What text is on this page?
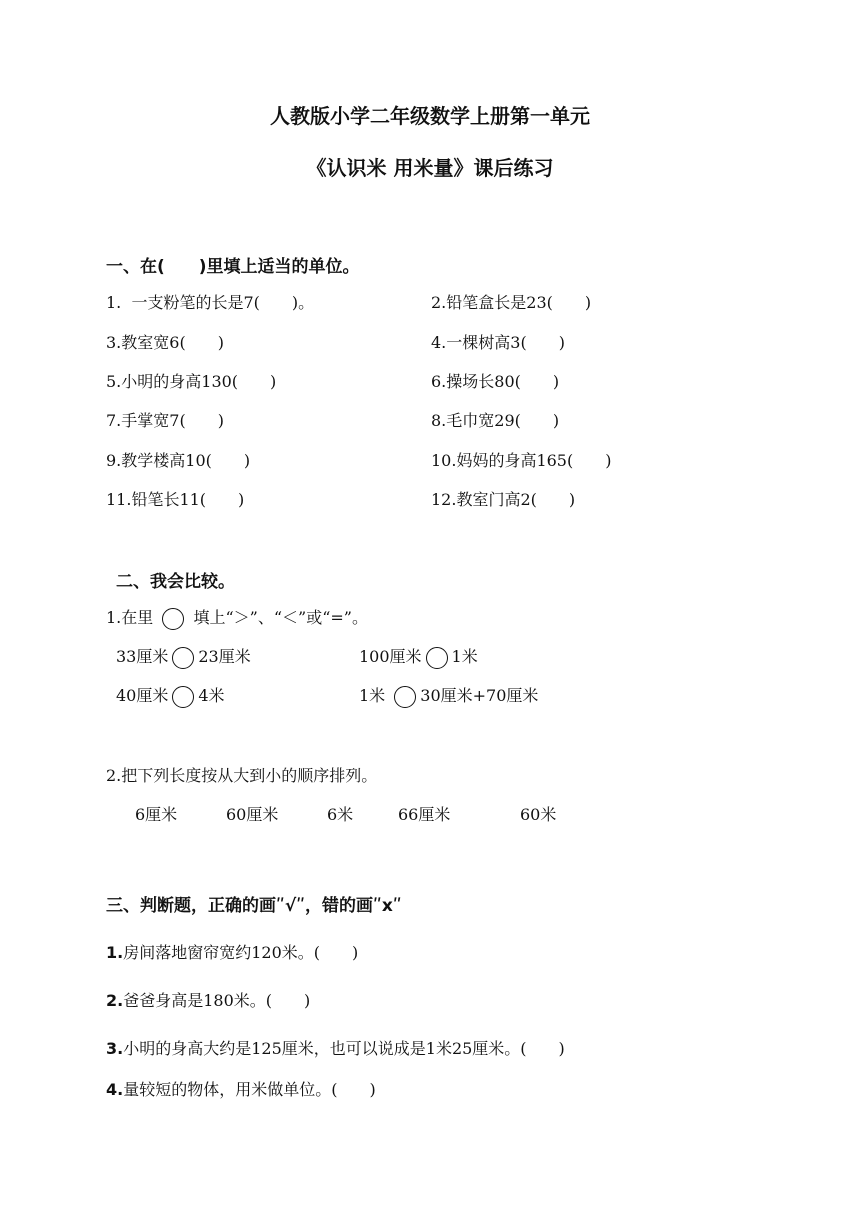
人教版小学二年级数学上册第一单元
《认识米 用米量》课后练习
一、在(　　)里填上适当的单位。
1.  一支粉笔的长是7(　　)。	2.铅笔盒长是23(　　)
3.教室宽6(　　)	4.一棵树高3(　　)
5.小明的身高130(　　)	6.操场长80(　　)
7.手掌宽7(　　)	8.毛巾宽29(　　)
9.教学楼高10(　　)	10.妈妈的身高165(　　)
11.铅笔长11(　　)	12.教室门高2(　　)
二、我会比较。
1.在里	填上“＞”、“＜”或“=”。
33厘米 23厘米	100厘米 1米
40厘米 4米	1米 30厘米+70厘米
2.把下列长度按从大到小的顺序排列。
6厘米	60厘米	6米	66厘米	60米
三、判断题，正确的画ʺ√ʺ，错的画ʺxʺ
1.房间落地窗帘宽约120米。(　　)
2.爸爸身高是180米。(　　)
3.小明的身高大约是125厘米，也可以说成是1米25厘米。(　　)
4.量较短的物体，用米做单位。(　　)
